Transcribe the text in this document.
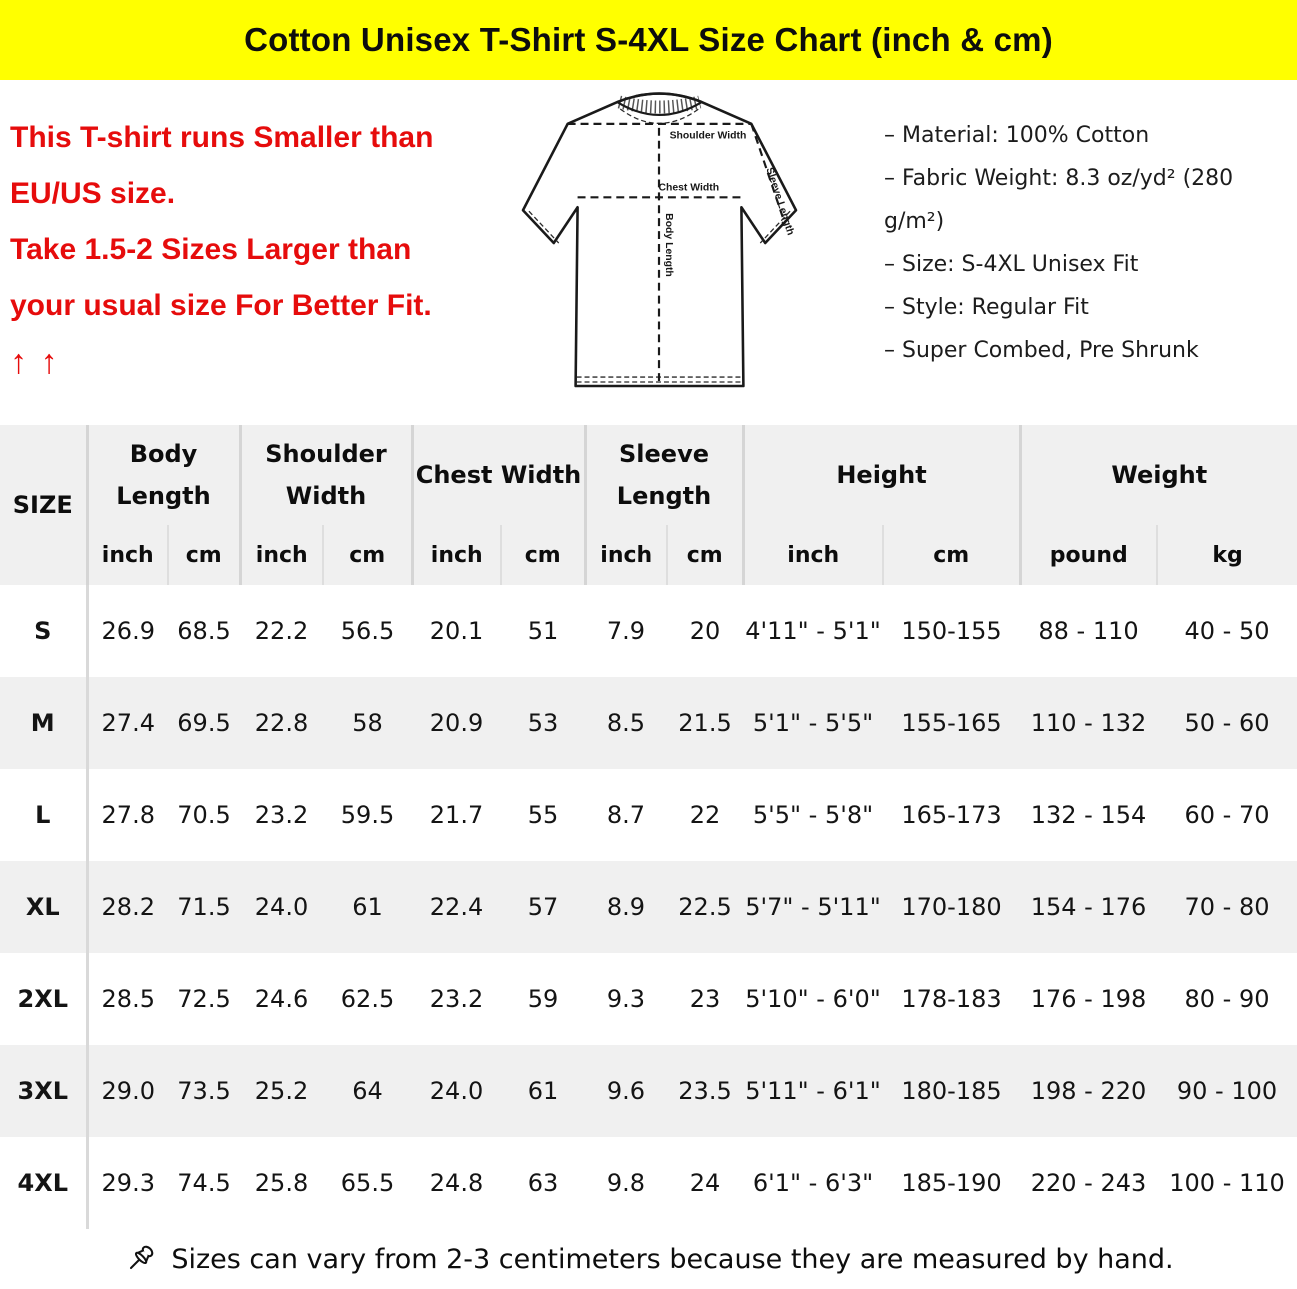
Cotton Unisex T-Shirt S-4XL Size Chart (inch & cm)
This T-shirt runs Smaller than
EU/US size.
Take 1.5-2 Sizes Larger than
your usual size For Better Fit.
↑ ↑
Shoulder Width
Chest Width
Body Length
Sleeve Length
– Material: 100% Cotton
– Fabric Weight: 8.3 oz/yd² (280
g/m²)
– Size: S-4XL Unisex Fit
– Style: Regular Fit
– Super Combed, Pre Shrunk
SIZE	
Body
Length

Shoulder
Width

Chest Width

Sleeve
Length

Height	Weight

	inch	cm	inch	cm	inch	cm	inch	cm	inch	cm	pound	kg
S	26.9	68.5	22.2	56.5	20.1	51	7.9	20	4'11" - 5'1"	150-155	88 - 110	40 - 50
M	27.4	69.5	22.8	58	20.9	53	8.5	21.5	5'1" - 5'5"	155-165	110 - 132	50 - 60
L	27.8	70.5	23.2	59.5	21.7	55	8.7	22	5'5" - 5'8"	165-173	132 - 154	60 - 70
XL	28.2	71.5	24.0	61	22.4	57	8.9	22.5	5'7" - 5'11"	170-180	154 - 176	70 - 80
2XL	28.5	72.5	24.6	62.5	23.2	59	9.3	23	5'10" - 6'0"	178-183	176 - 198	80 - 90
3XL	29.0	73.5	25.2	64	24.0	61	9.6	23.5	5'11" - 6'1"	180-185	198 - 220	90 - 100
4XL	29.3	74.5	25.8	65.5	24.8	63	9.8	24	6'1" - 6'3"	185-190	220 - 243	100 - 110
Sizes can vary from 2-3 centimeters because they are measured by hand.
